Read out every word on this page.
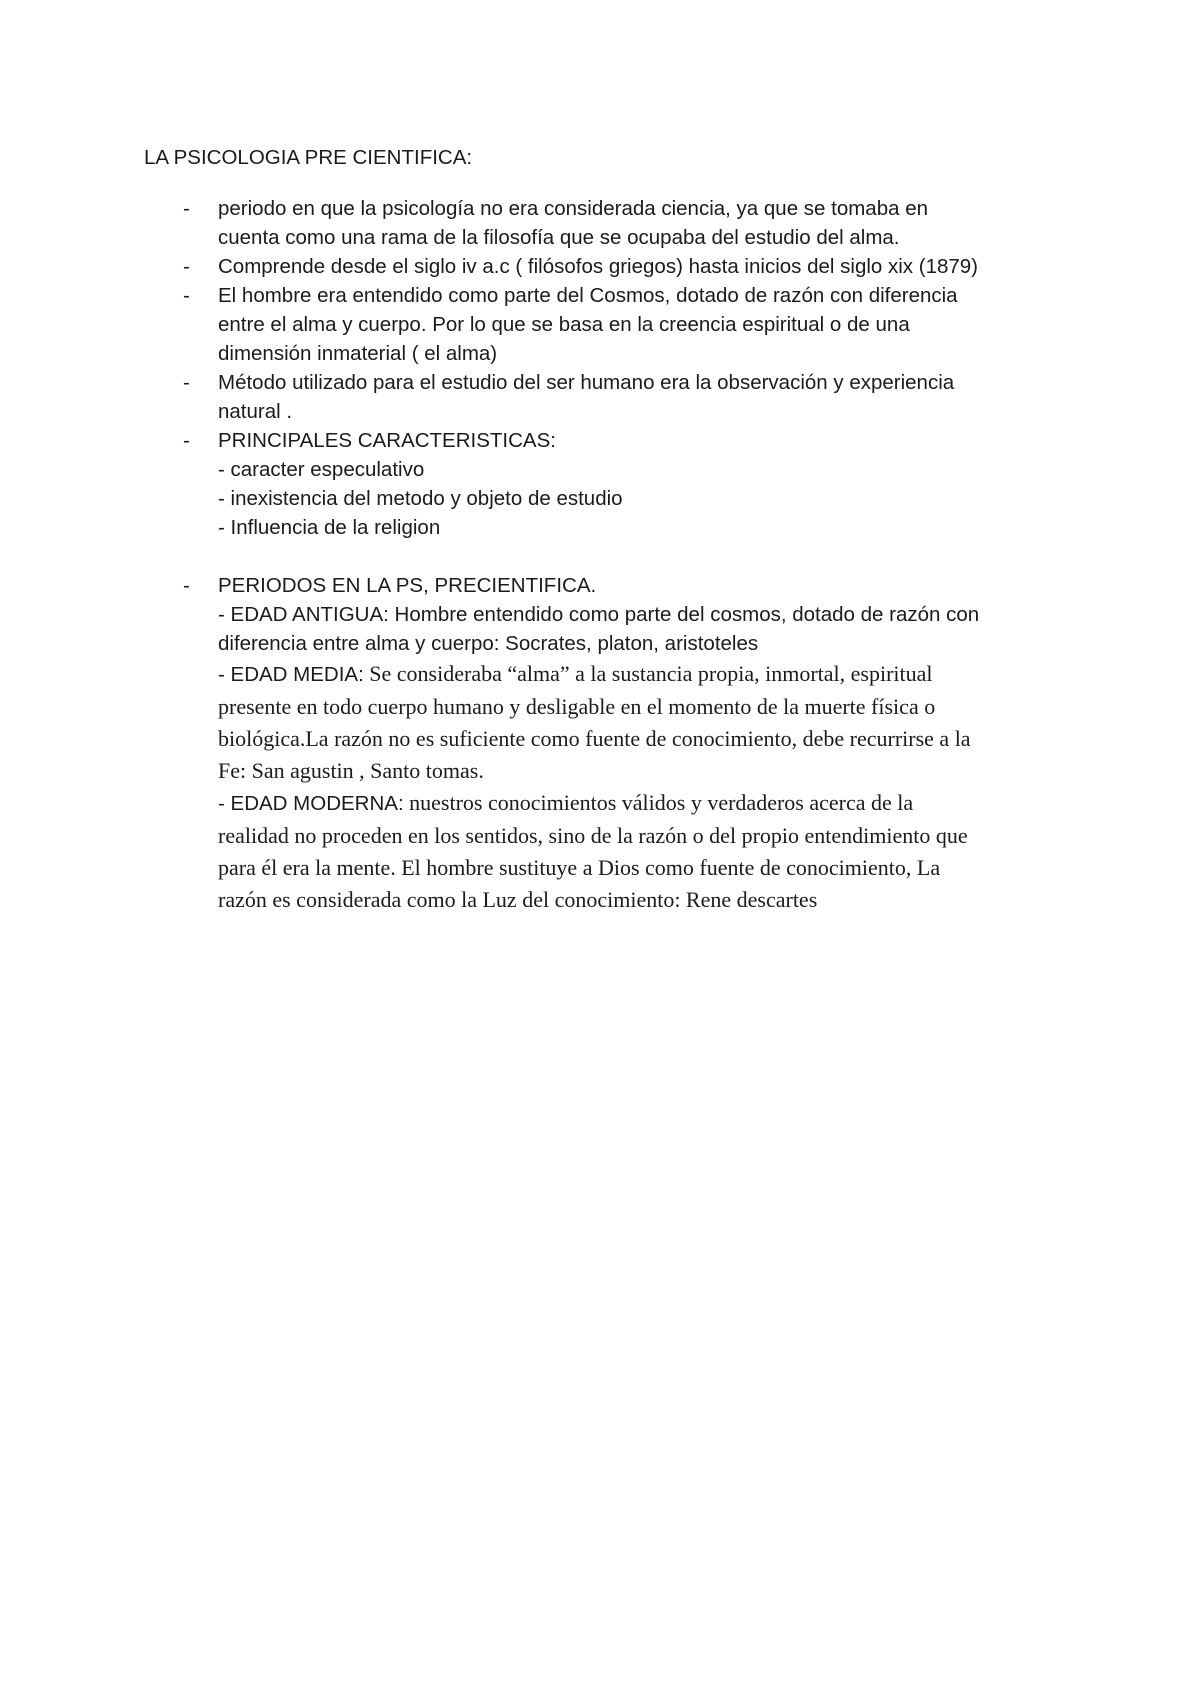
LA PSICOLOGIA PRE CIENTIFICA:
- periodo en que la psicología no era considerada ciencia, ya que se tomaba en
cuenta como una rama de la filosofía que se ocupaba del estudio del alma.
- Comprende desde el siglo iv a.c ( filósofos griegos) hasta inicios del siglo xix (1879)
- El hombre era entendido como parte del Cosmos, dotado de razón con diferencia
entre el alma y cuerpo. Por lo que se basa en la creencia espiritual o de una
dimensión inmaterial ( el alma)
- Método utilizado para el estudio del ser humano era la observación y experiencia
natural .
- PRINCIPALES CARACTERISTICAS:
- caracter especulativo
- inexistencia del metodo y objeto de estudio
- Influencia de la religion
- PERIODOS EN LA PS, PRECIENTIFICA.
- EDAD ANTIGUA: Hombre entendido como parte del cosmos, dotado de razón con
diferencia entre alma y cuerpo: Socrates, platon, aristoteles
- EDAD MEDIA: Se consideraba “alma” a la sustancia propia, inmortal, espiritual
presente en todo cuerpo humano y desligable en el momento de la muerte física o
biológica.La razón no es suficiente como fuente de conocimiento, debe recurrirse a la
Fe: San agustin , Santo tomas.
- EDAD MODERNA: nuestros conocimientos válidos y verdaderos acerca de la
realidad no proceden en los sentidos, sino de la razón o del propio entendimiento que
para él era la mente. El hombre sustituye a Dios como fuente de conocimiento, La
razón es considerada como la Luz del conocimiento: Rene descartes
